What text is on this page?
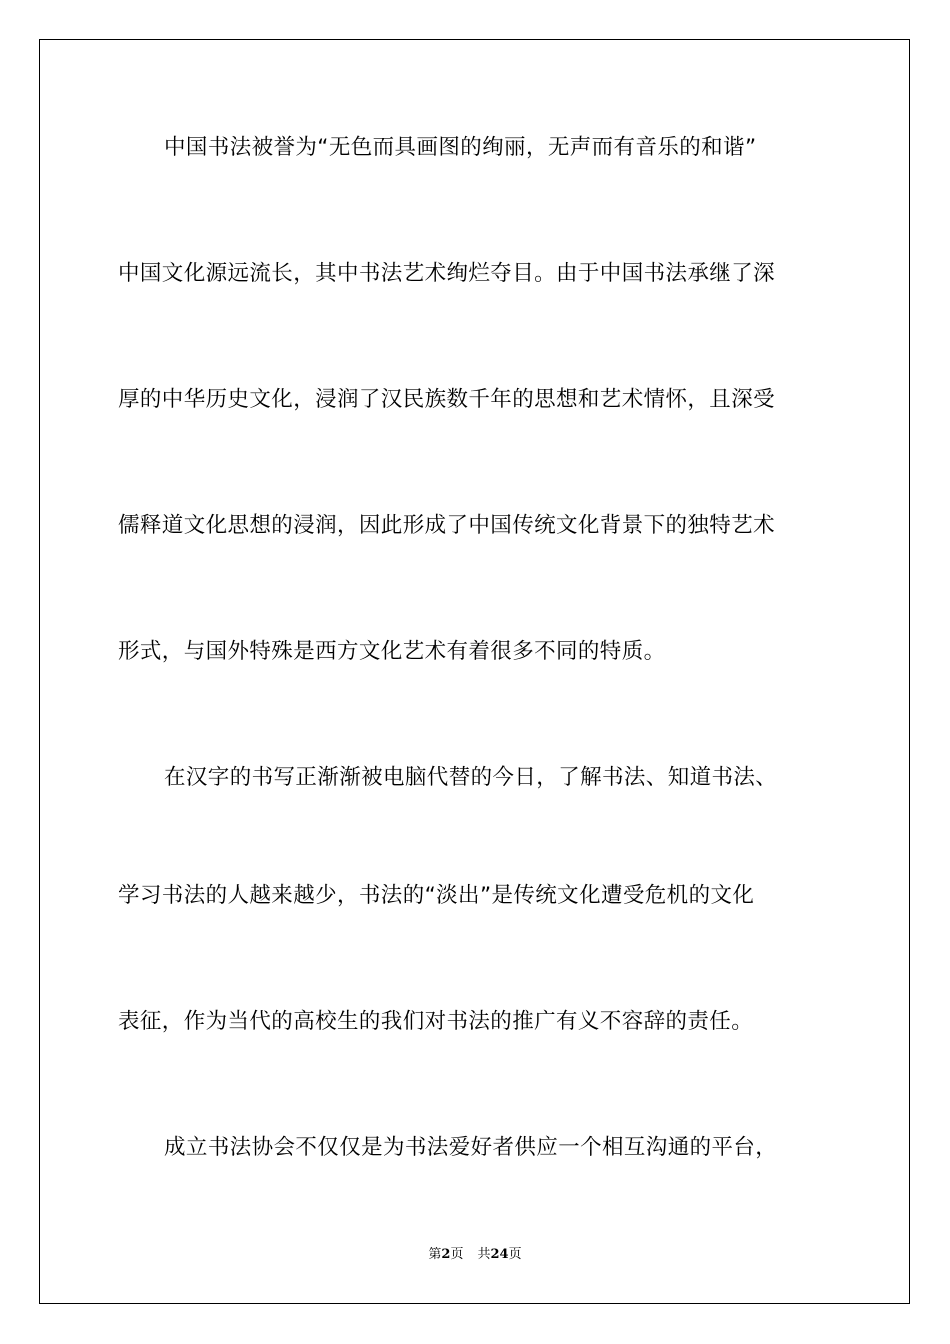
中国书法被誉为“无色而具画图的绚丽，无声而有音乐的和谐”
中国文化源远流长，其中书法艺术绚烂夺目。由于中国书法承继了深
厚的中华历史文化，浸润了汉民族数千年的思想和艺术情怀，且深受
儒释道文化思想的浸润，因此形成了中国传统文化背景下的独特艺术
形式，与国外特殊是西方文化艺术有着很多不同的特质。
在汉字的书写正渐渐被电脑代替的今日，了解书法、知道书法、
学习书法的人越来越少，书法的“淡出”是传统文化遭受危机的文化
表征，作为当代的高校生的我们对书法的推广有义不容辞的责任。
成立书法协会不仅仅是为书法爱好者供应一个相互沟通的平台，
第2页 共24页
